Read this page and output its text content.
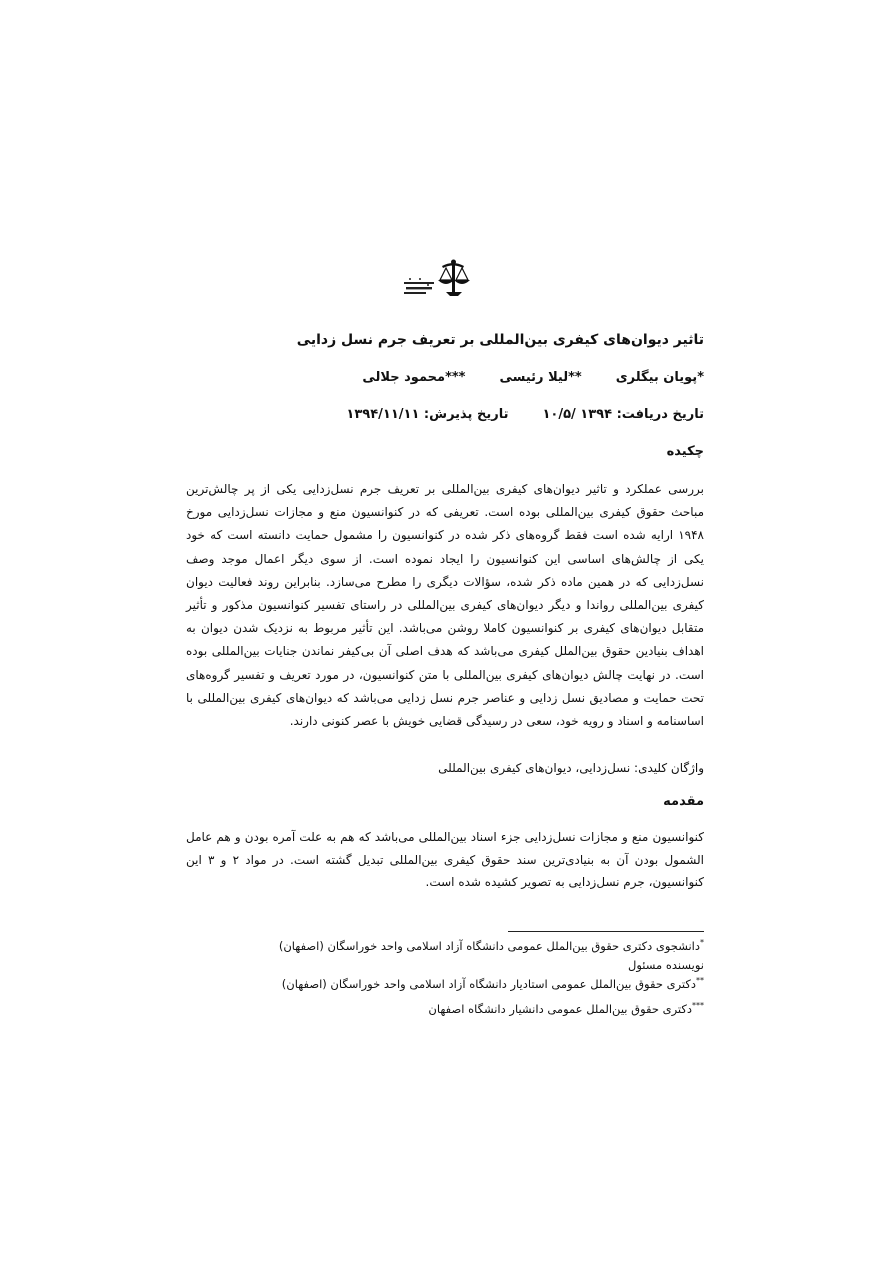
تاثیر دیوان‌های کیفری بین‌المللی بر تعریف جرم نسل زدایی
*پویان بیگلری**لیلا رئیسی***محمود جلالی
تاریخ دریافت: ۱۳۹۴ /۱۰/۵تاریخ پذیرش: ۱۳۹۴/۱۱/۱۱
چکیده
بررسی عملکرد و تاثیر دیوان‌های کیفری بین‌المللی بر تعریف جرم نسل‌زدایی یکی از پر چالش‌ترین مباحث حقوق کیفری بین‌المللی بوده است. تعریفی که در کنوانسیون منع و مجازات نسل‌زدایی مورخ ۱۹۴۸ ارایه شده است فقط گروه‌های ذکر شده در کنوانسیون را مشمول حمایت دانسته است که خود یکی از چالش‌های اساسی این کنوانسیون را ایجاد نموده است. از سوی دیگر اعمال موجد وصف نسل‌زدایی که در همین ماده ذکر شده، سؤالات دیگری را مطرح می‌سازد. بنابراین روند فعالیت دیوان کیفری بین‌المللی رواندا و دیگر دیوان‌های کیفری بین‌المللی در راستای تفسیر کنوانسیون مذکور و تأثیر متقابل دیوان‌های کیفری بر کنوانسیون کاملا روشن می‌باشد. این تأثیر مربوط به نزدیک شدن دیوان به اهداف بنیادین حقوق بین‌الملل کیفری می‌باشد که هدف اصلی آن بی‌کیفر نماندن جنایات بین‌المللی بوده است. در نهایت چالش دیوان‌های کیفری بین‌المللی با متن کنوانسیون، در مورد تعریف و تفسیر گروه‌های تحت حمایت و مصادیق نسل زدایی و عناصر جرم نسل زدایی می‌باشد که دیوان‌های کیفری بین‌المللی با اساسنامه و اسناد و رویه خود، سعی در رسیدگی قضایی خویش با عصر کنونی دارند.
واژگان کلیدی: نسل‌زدایی، دیوان‌های کیفری بین‌المللی
مقدمه
کنوانسیون منع و مجازات نسل‌زدایی جزء اسناد بین‌المللی می‌باشد که هم به علت آمره بودن و هم عامل الشمول بودن آن به بنیادی‌ترین سند حقوق کیفری بین‌المللی تبدیل گشته است. در مواد ۲ و ۳ این کنوانسیون، جرم نسل‌زدایی به تصویر کشیده شده است.

*دانشجوی دکتری حقوق بین‌الملل عمومی دانشگاه آزاد اسلامی واحد خوراسگان (اصفهان)
نویسنده مسئول

**دکتری حقوق بین‌الملل عمومی استادیار دانشگاه آزاد اسلامی واحد خوراسگان (اصفهان)

***دکتری حقوق بین‌الملل عمومی دانشیار دانشگاه اصفهان
